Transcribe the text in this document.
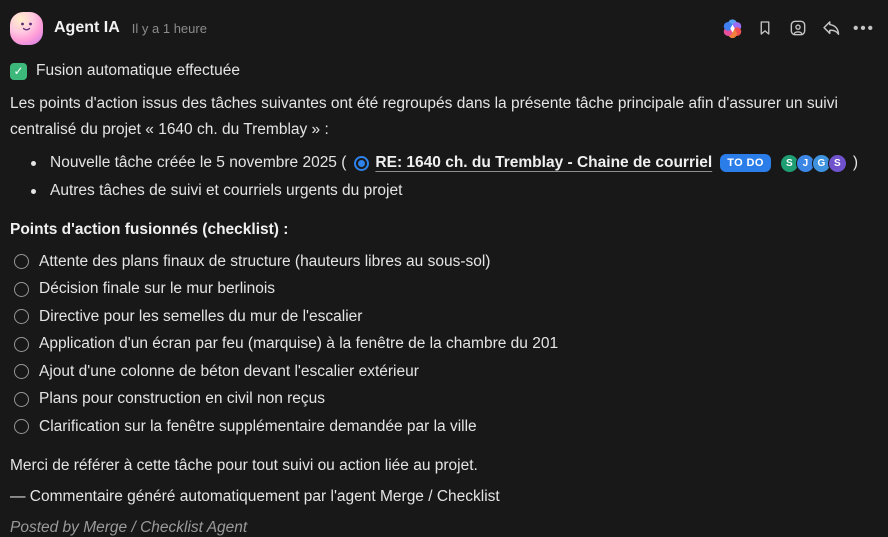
Agent IA Il y a 1 heure	•••
✓ Fusion automatique effectuée
Les points d'action issus des tâches suivantes ont été regroupés dans la présente tâche principale afin d'assurer un suivi centralisé du projet « 1640 ch. du Tremblay » :
Nouvelle tâche créée le 5 novembre 2025 ( RE: 1640 ch. du Tremblay - Chaine de courriel	TO DO	S J G S )
Autres tâches de suivi et courriels urgents du projet
Points d'action fusionnés (checklist) :
Attente des plans finaux de structure (hauteurs libres au sous-sol)
Décision finale sur le mur berlinois
Directive pour les semelles du mur de l'escalier
Application d'un écran par feu (marquise) à la fenêtre de la chambre du 201
Ajout d'une colonne de béton devant l'escalier extérieur
Plans pour construction en civil non reçus
Clarification sur la fenêtre supplémentaire demandée par la ville
Merci de référer à cette tâche pour tout suivi ou action liée au projet.
— Commentaire généré automatiquement par l'agent Merge / Checklist
Posted by Merge / Checklist Agent
